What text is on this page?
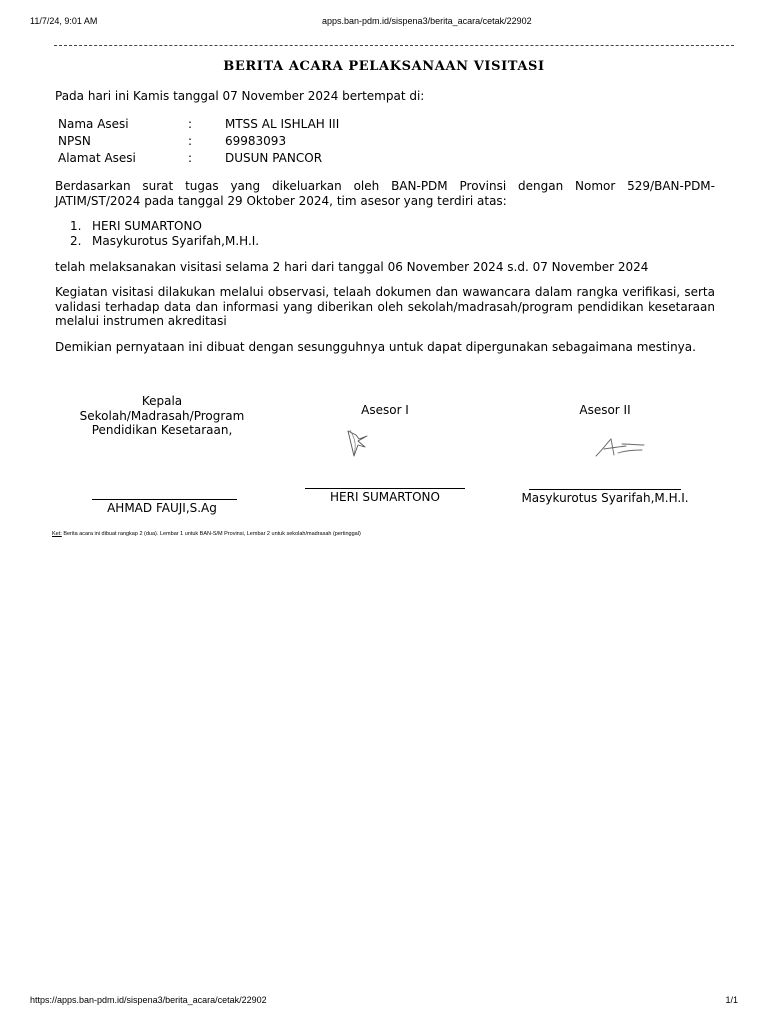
11/7/24, 9:01 AM	apps.ban-pdm.id/sispena3/berita_acara/cetak/22902
BERITA ACARA PELAKSANAAN VISITASI
Pada hari ini Kamis tanggal 07 November 2024 bertempat di:
Nama Asesi	:	MTSS AL ISHLAH III
NPSN	:	69983093
Alamat Asesi	:	DUSUN PANCOR
Berdasarkan surat tugas yang dikeluarkan oleh BAN-PDM Provinsi dengan Nomor 529/BAN-PDM-JATIM/ST/2024 pada tanggal 29 Oktober 2024, tim asesor yang terdiri atas:
1. HERI SUMARTONO
2. Masykurotus Syarifah,M.H.I.
telah melaksanakan visitasi selama 2 hari dari tanggal 06 November 2024 s.d. 07 November 2024
Kegiatan visitasi dilakukan melalui observasi, telaah dokumen dan wawancara dalam rangka verifikasi, serta validasi terhadap data dan informasi yang diberikan oleh sekolah/madrasah/program pendidikan kesetaraan melalui instrumen akreditasi
Demikian pernyataan ini dibuat dengan sesungguhnya untuk dapat dipergunakan sebagaimana mestinya.
Kepala
Sekolah/Madrasah/Program
Pendidikan Kesetaraan,
AHMAD FAUJI,S.Ag
Asesor I
HERI SUMARTONO
Asesor II
Masykurotus Syarifah,M.H.I.
Ket: Berita acara ini dibuat rangkap 2 (dua). Lembar 1 untuk BAN-S/M Provinsi, Lembar 2 untuk sekolah/madrasah (pertinggal)
https://apps.ban-pdm.id/sispena3/berita_acara/cetak/22902	1/1
